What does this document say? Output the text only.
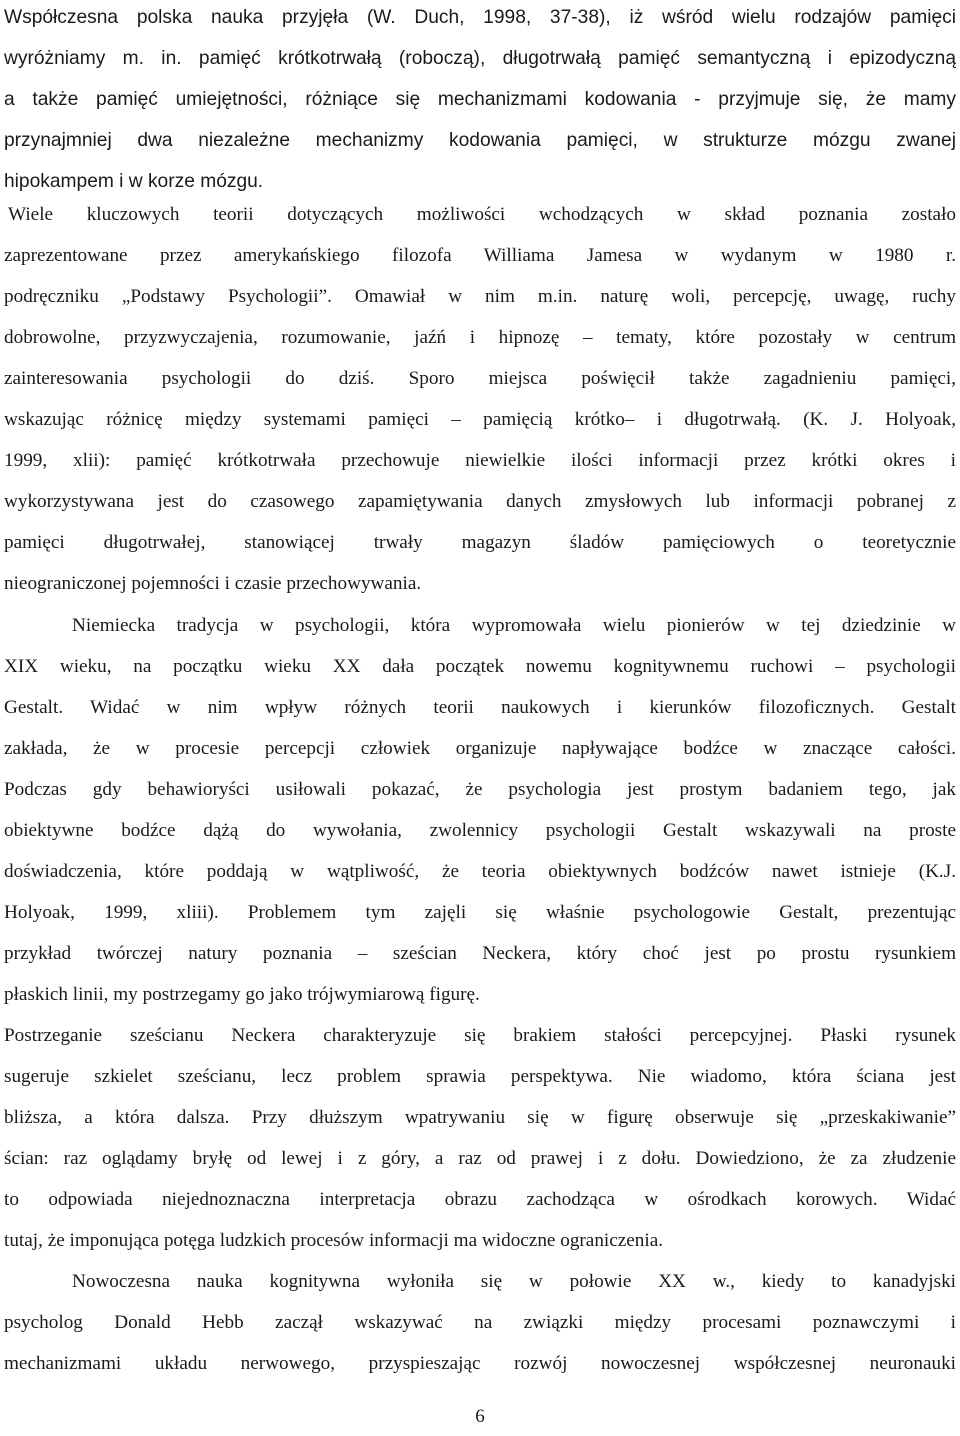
Współczesna polska nauka przyjęła (W. Duch, 1998, 37-38), iż wśród wielu rodzajów pamięci
wyróżniamy m. in. pamięć krótkotrwałą (roboczą), długotrwałą pamięć semantyczną i epizodyczną
a także pamięć umiejętności, różniące się mechanizmami kodowania - przyjmuje się, że mamy
przynajmniej dwa niezależne mechanizmy kodowania pamięci, w strukturze mózgu zwanej
hipokampem i w korze mózgu.
Wiele kluczowych teorii dotyczących możliwości wchodzących w skład poznania zostało
zaprezentowane przez amerykańskiego filozofa Williama Jamesa w wydanym w 1980 r.
podręczniku „Podstawy Psychologii”. Omawiał w nim m.in. naturę woli, percepcję, uwagę, ruchy
dobrowolne, przyzwyczajenia, rozumowanie, jaźń i hipnozę – tematy, które pozostały w centrum
zainteresowania psychologii do dziś. Sporo miejsca poświęcił także zagadnieniu pamięci,
wskazując różnicę między systemami pamięci – pamięcią krótko– i długotrwałą. (K. J. Holyoak,
1999, xlii): pamięć krótkotrwała przechowuje niewielkie ilości informacji przez krótki okres i
wykorzystywana jest do czasowego zapamiętywania danych zmysłowych lub informacji pobranej z
pamięci długotrwałej, stanowiącej trwały magazyn śladów pamięciowych o teoretycznie
nieograniczonej pojemności i czasie przechowywania.
Niemiecka tradycja w psychologii, która wypromowała wielu pionierów w tej dziedzinie w
XIX wieku, na początku wieku XX dała początek nowemu kognitywnemu ruchowi – psychologii
Gestalt. Widać w nim wpływ różnych teorii naukowych i kierunków filozoficznych. Gestalt
zakłada, że w procesie percepcji człowiek organizuje napływające bodźce w znaczące całości.
Podczas gdy behawioryści usiłowali pokazać, że psychologia jest prostym badaniem tego, jak
obiektywne bodźce dążą do wywołania, zwolennicy psychologii Gestalt wskazywali na proste
doświadczenia, które poddają w wątpliwość, że teoria obiektywnych bodźców nawet istnieje (K.J.
Holyoak, 1999, xliii). Problemem tym zajęli się właśnie psychologowie Gestalt, prezentując
przykład twórczej natury poznania – sześcian Neckera, który choć jest po prostu rysunkiem
płaskich linii, my postrzegamy go jako trójwymiarową figurę.
Postrzeganie sześcianu Neckera charakteryzuje się brakiem stałości percepcyjnej. Płaski rysunek
sugeruje szkielet sześcianu, lecz problem sprawia perspektywa. Nie wiadomo, która ściana jest
bliższa, a która dalsza. Przy dłuższym wpatrywaniu się w figurę obserwuje się „przeskakiwanie”
ścian: raz oglądamy bryłę od lewej i z góry, a raz od prawej i z dołu. Dowiedziono, że za złudzenie
to odpowiada niejednoznaczna interpretacja obrazu zachodząca w ośrodkach korowych. Widać
tutaj, że imponująca potęga ludzkich procesów informacji ma widoczne ograniczenia.
Nowoczesna nauka kognitywna wyłoniła się w połowie XX w., kiedy to kanadyjski
psycholog Donald Hebb zaczął wskazywać na związki między procesami poznawczymi i
mechanizmami układu nerwowego, przyspieszając rozwój nowoczesnej współczesnej neuronauki
6
